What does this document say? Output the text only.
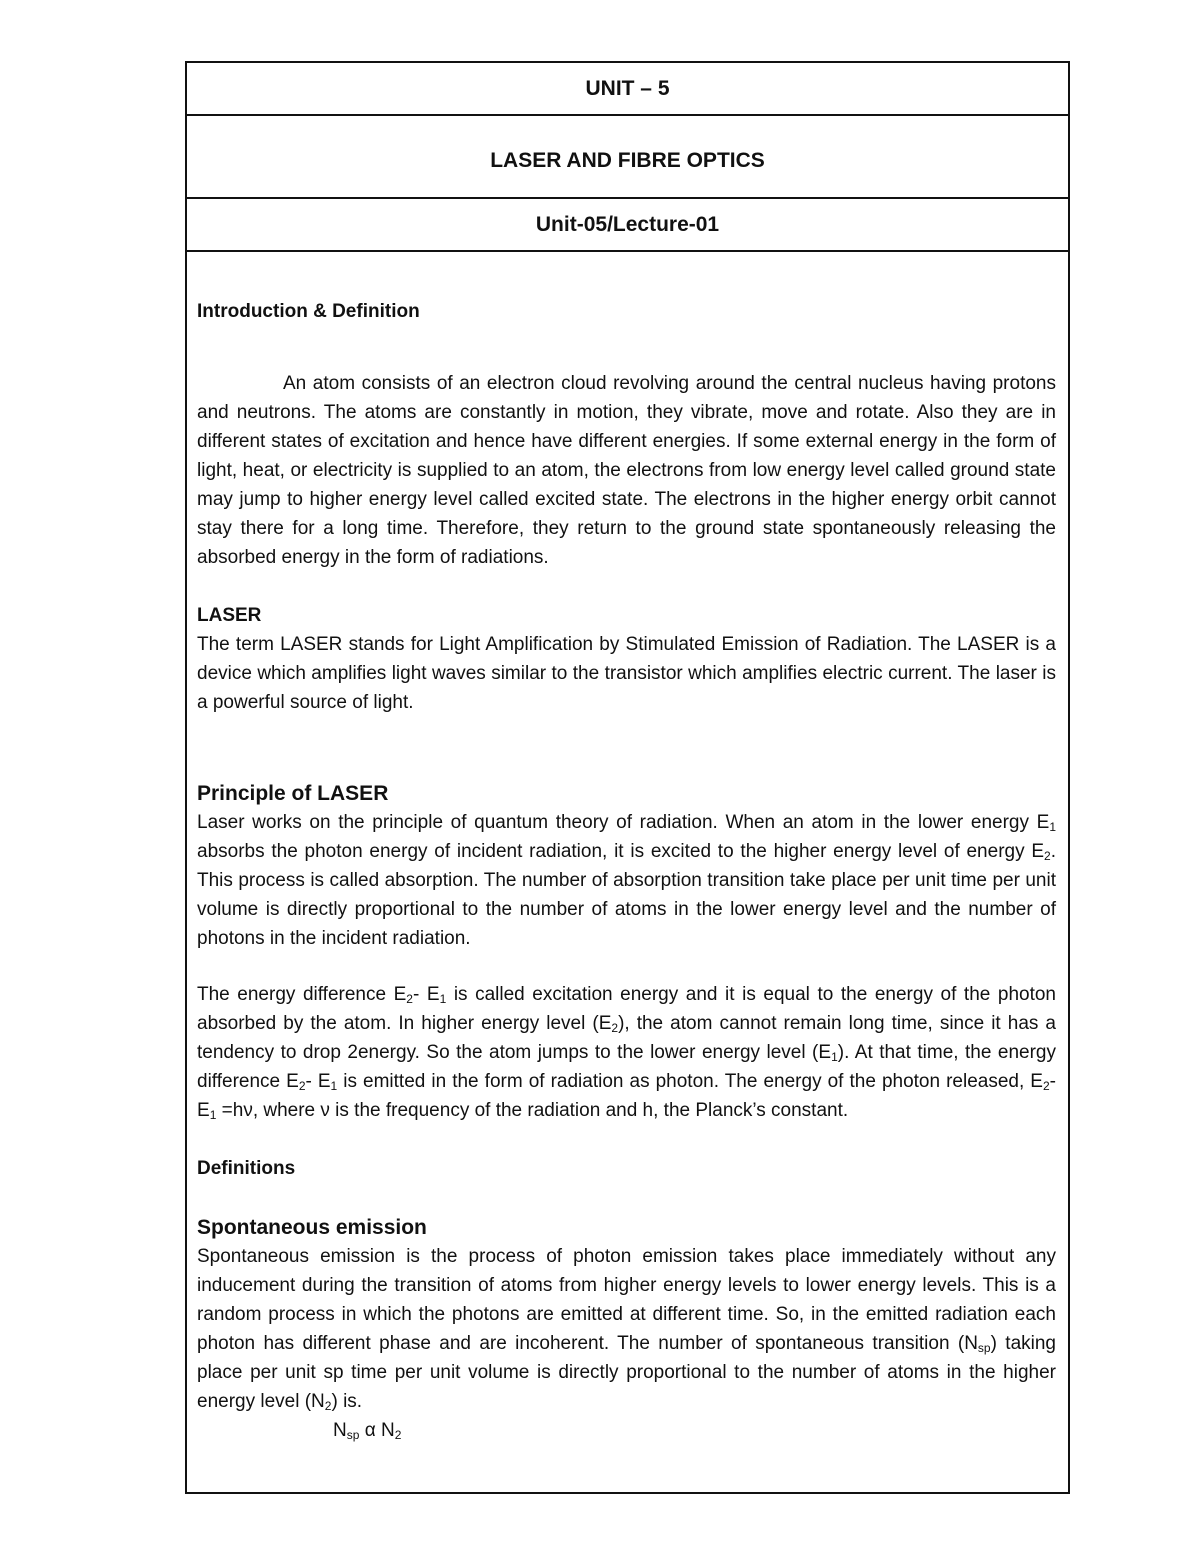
UNIT – 5
LASER AND FIBRE OPTICS
Unit-05/Lecture-01

Introduction & Definition

An atom consists of an electron cloud revolving around the central nucleus having protons and neutrons. The atoms are constantly in motion, they vibrate, move and rotate. Also they are in different states of excitation and hence have different energies. If some external energy in the form of light, heat, or electricity is supplied to an atom, the electrons from low energy level called ground state may jump to higher energy level called excited state. The electrons in the higher energy orbit cannot stay there for a long time. Therefore, they return to the ground state spontaneously releasing the absorbed energy in the form of radiations.

LASER

The term LASER stands for Light Amplification by Stimulated Emission of Radiation. The LASER is a device which amplifies light waves similar to the transistor which amplifies electric current. The laser is a powerful source of light.

Principle of LASER

Laser works on the principle of quantum theory of radiation. When an atom in the lower energy $E_1$ absorbs the photon energy of incident radiation, it is excited to the higher energy level of energy $E_2$. This process is called absorption. The number of absorption transition take place per unit time per unit volume is directly proportional to the number of atoms in the lower energy level and the number of photons in the incident radiation.

The energy difference $E_2-$ $E_1$ is called excitation energy and it is equal to the energy of the photon absorbed by the atom. In higher energy level $(E_2)$, the atom cannot remain long time, since it has a tendency to drop 2energy. So the atom jumps to the lower energy level $(E_1)$. At that time, the energy difference $E_2-$ $E_1$ is emitted in the form of radiation as photon. The energy of the photon released, $E_2-$ $E_1 =h\nu$, where ν is the frequency of the radiation and h, the Planck’s constant.

Definitions

Spontaneous emission

Spontaneous emission is the process of photon emission takes place immediately without any inducement during the transition of atoms from higher energy levels to lower energy levels. This is a random process in which the photons are emitted at different time. So, in the emitted radiation each photon has different phase and are incoherent. The number of spontaneous transition $(N_{sp})$ taking place per unit sp time per unit volume is directly proportional to the number of atoms in the higher energy level $(N_2)$ is.

$N_{sp}$ α $N_2$
